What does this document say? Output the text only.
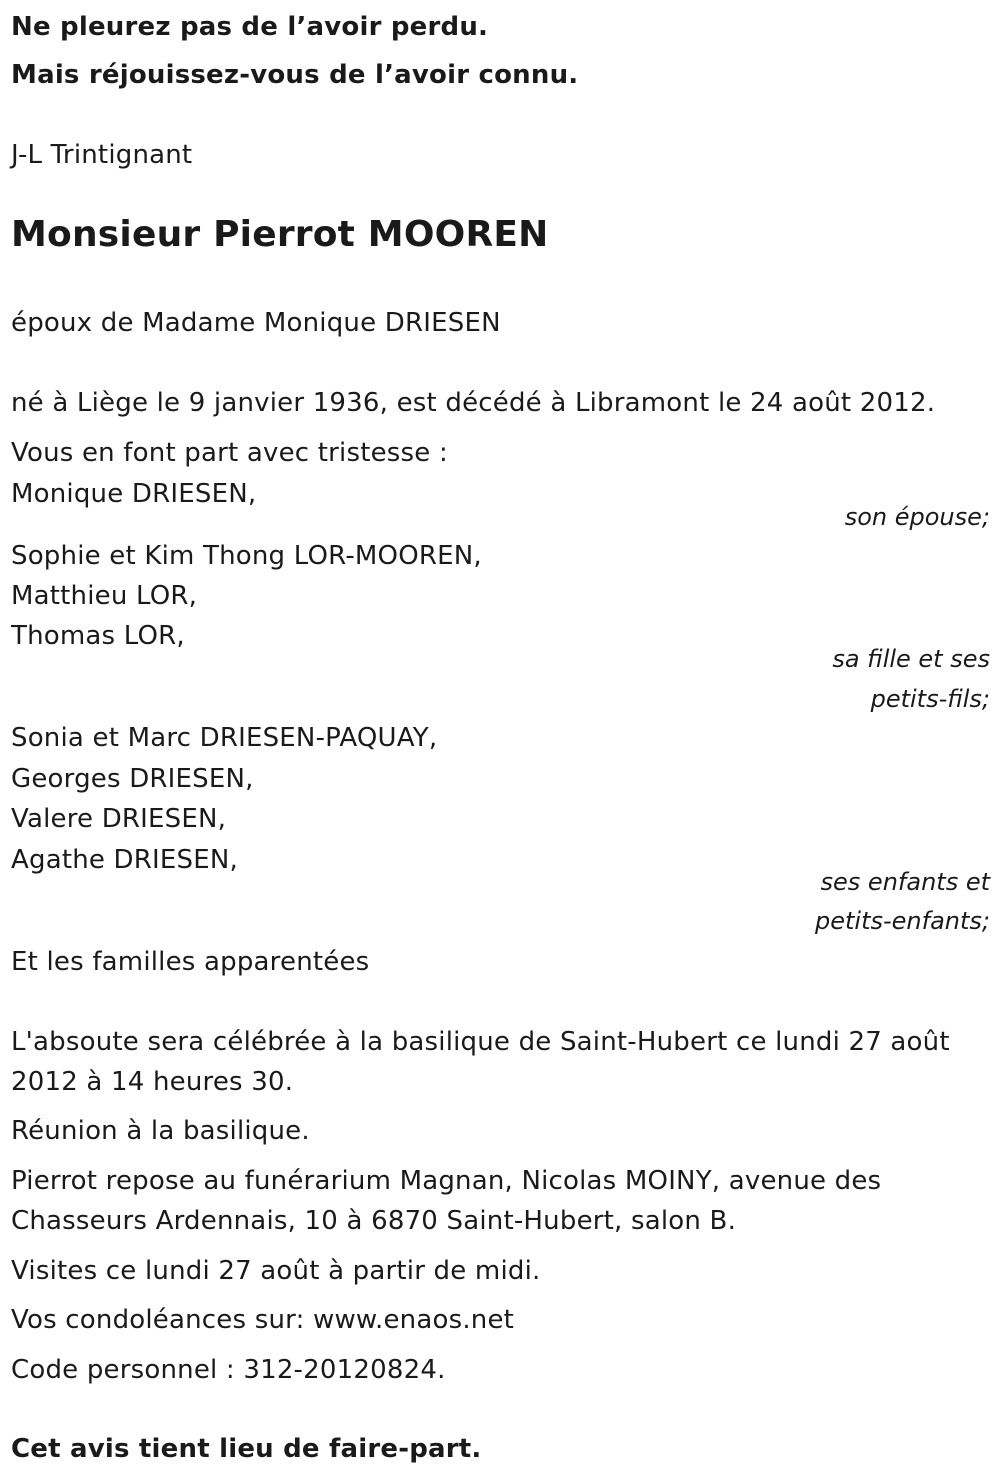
Ne pleurez pas de l’avoir perdu.
Mais réjouissez-vous de l’avoir connu.
J-L Trintignant
Monsieur Pierrot MOOREN
époux de Madame Monique DRIESEN
né à Liège le 9 janvier 1936, est décédé à Libramont le 24 août 2012.
Vous en font part avec tristesse :
Monique DRIESEN,
son épouse;
Sophie et Kim Thong LOR-MOOREN,
Matthieu LOR,
Thomas LOR,
sa fille et ses
petits-fils;
Sonia et Marc DRIESEN-PAQUAY,
Georges DRIESEN,
Valere DRIESEN,
Agathe DRIESEN,
ses enfants et
petits-enfants;
Et les familles apparentées
L'absoute sera célébrée à la basilique de Saint-Hubert ce lundi 27 août
2012 à 14 heures 30.
Réunion à la basilique.
Pierrot repose au funérarium Magnan, Nicolas MOINY, avenue des
Chasseurs Ardennais, 10 à 6870 Saint-Hubert, salon B.
Visites ce lundi 27 août à partir de midi.
Vos condoléances sur: www.enaos.net
Code personnel : 312-20120824.
Cet avis tient lieu de faire-part.
